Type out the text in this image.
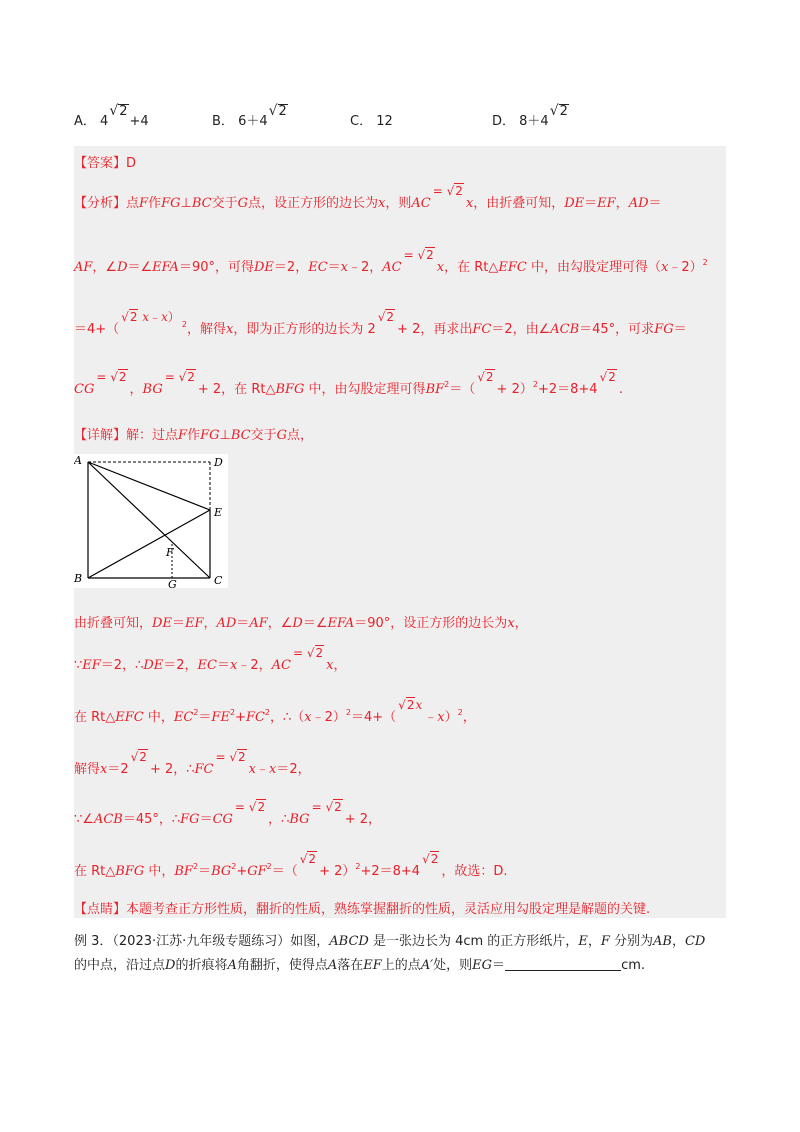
A． 4√2+4	B． 6＋4√2
C． 12	D． 8＋4√2
【答案】D
【分析】点F作FG⊥BC交于G点，设正方形的边长为x，则AC= √2x，由折叠可知，DE＝EF，AD＝
AF，∠D＝∠EFA＝90°，可得DE＝2，EC＝x﹣2，AC= √2x，在 Rt△EFC 中，由勾股定理可得（x﹣2）$^2$
＝4+（√2 x﹣x）$^2$，解得x，即为正方形的边长为 2√2+ 2，再求出FC＝2，由∠ACB＝45°，可求FG＝
CG= √2，BG= √2+ 2，在 Rt△BFG 中，由勾股定理可得$BF^2=(√2+ 2)^2+2=8+4√2$.
【详解】解：过点F作FG⊥BC交于G点，
由折叠可知，DE＝EF，AD＝AF，∠D＝∠EFA＝90°，设正方形的边长为x，
∵EF＝2，∴DE＝2，EC＝x﹣2，AC= √2x，
在 Rt△EFC 中，$EC^2=FE^2+FC^2$，∴（x﹣2）$^2$＝4+（√2x﹣x）$^2$，
解得x＝2√2+ 2，∴FC= √2x﹣x＝2，
∵∠ACB＝45°，∴FG＝CG= √2，∴BG= √2+ 2，
在 Rt△BFG 中，$BF^2=BG^2+GF^2=(√2+ 2)^2+2=8+4√2$，故选：D.
【点睛】本题考查正方形性质，翻折的性质，熟练掌握翻折的性质，灵活应用勾股定理是解题的关键.
A	D
E
F
B	G	C
例 3．（2023·江苏·九年级专题练习）如图，ABCD 是一张边长为 4cm 的正方形纸片，E，F 分别为AB，CD
的中点，沿过点D的折痕将A角翻折，使得点A落在EF上的点A′处，则EG＝	cm.
